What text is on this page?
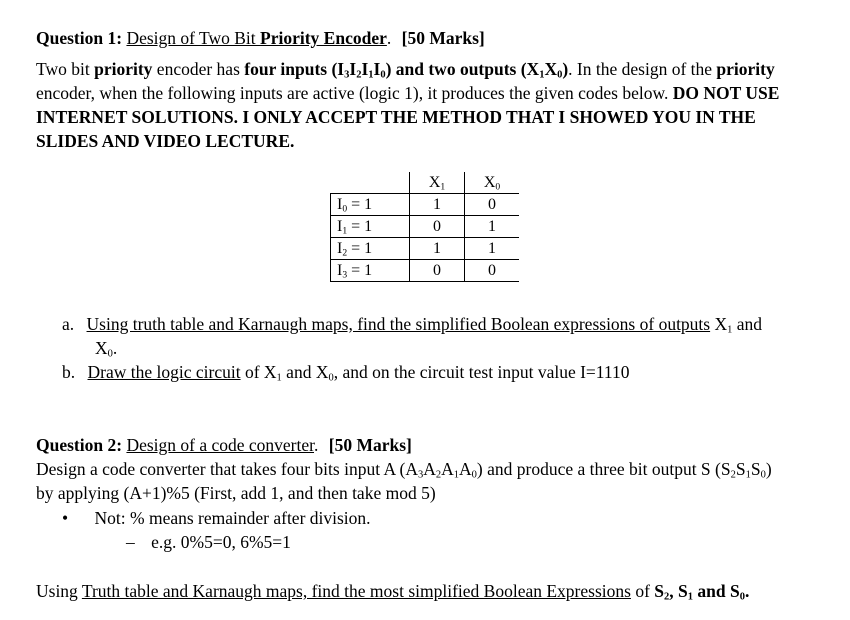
Question 1: Design of Two Bit Priority Encoder. [50 Marks]
Two bit priority encoder has four inputs $(I_3I_2I_1I_0)$ and two outputs $(X_1X_0)$. In the design of the priority
encoder, when the following inputs are active (logic 1), it produces the given codes below. DO NOT USE
INTERNET SOLUTIONS. I ONLY ACCEPT THE METHOD THAT I SHOWED YOU IN THE
SLIDES AND VIDEO LECTURE.
	$X_1$	$X_0$
$I_0 = 1$	1	0
$I_1 = 1$	0	1
$I_2 = 1$	1	1
$I_3 = 1$	0	0
a. Using truth table and Karnaugh maps, find the simplified Boolean expressions of outputs $X_1$ and
$X_0$.
b. Draw the logic circuit of $X_1$ and $X_0$, and on the circuit test input value I=1110
Question 2: Design of a code converter. [50 Marks]
Design a code converter that takes four bits input A $(A_3A_2A_1A_0)$ and produce a three bit output S $(S_2S_1S_0)$
by applying (A+1)%5 (First, add 1, and then take mod 5)
• Not: % means remainder after division.
– e.g. 0%5=0, 6%5=1
Using Truth table and Karnaugh maps, find the most simplified Boolean Expressions of $S_2$, $S_1$ and $S_0$.
